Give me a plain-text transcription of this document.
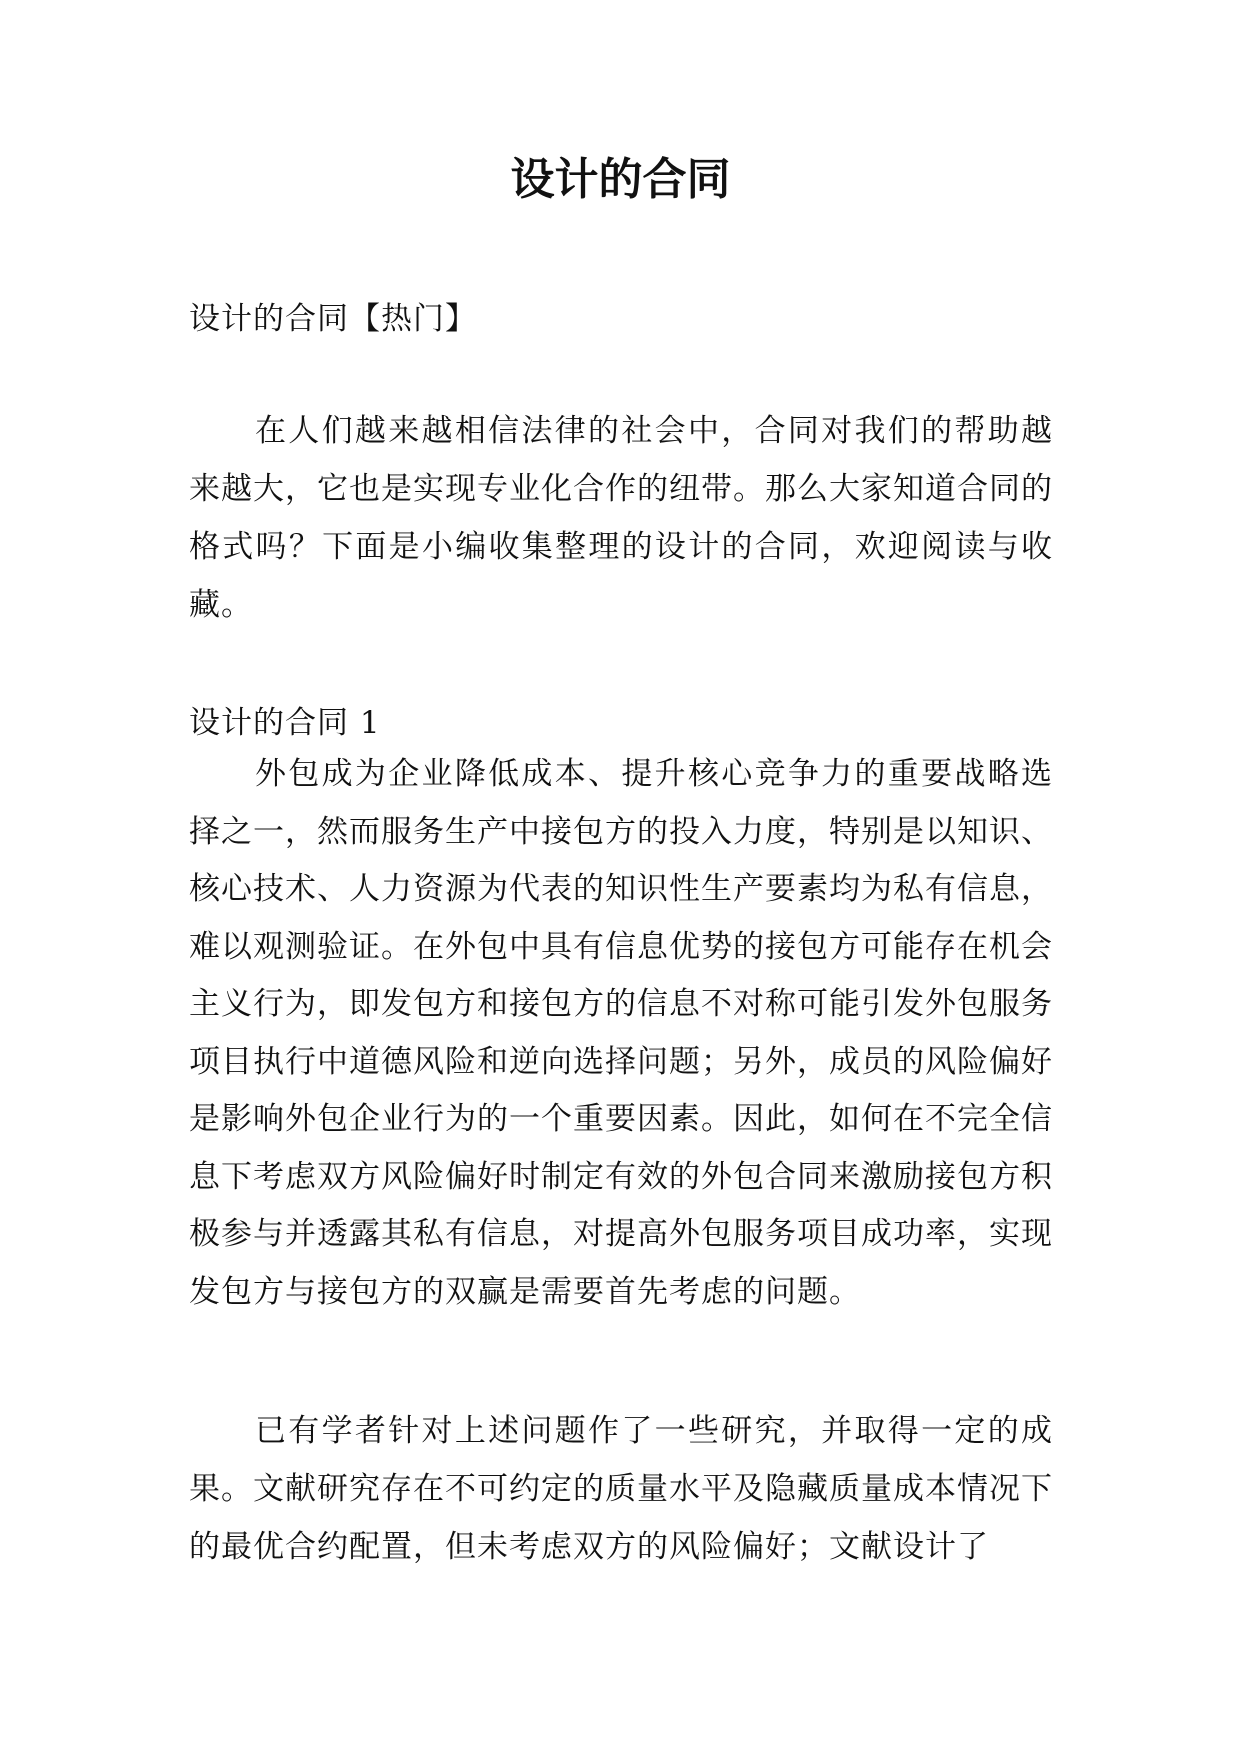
设计的合同

设计的合同【热门】

在人们越来越相信法律的社会中，合同对我们的帮助越来越大，它也是实现专业化合作的纽带。那么大家知道合同的格式吗？下面是小编收集整理的设计的合同，欢迎阅读与收藏。

设计的合同 1

外包成为企业降低成本、提升核心竞争力的重要战略选择之一，然而服务生产中接包方的投入力度，特别是以知识、核心技术、人力资源为代表的知识性生产要素均为私有信息，难以观测验证。在外包中具有信息优势的接包方可能存在机会主义行为，即发包方和接包方的信息不对称可能引发外包服务项目执行中道德风险和逆向选择问题；另外，成员的风险偏好是影响外包企业行为的一个重要因素。因此，如何在不完全信息下考虑双方风险偏好时制定有效的外包合同来激励接包方积极参与并透露其私有信息，对提高外包服务项目成功率，实现发包方与接包方的双赢是需要首先考虑的问题。

已有学者针对上述问题作了一些研究，并取得一定的成果。文献研究存在不可约定的质量水平及隐藏质量成本情况下的最优合约配置，但未考虑双方的风险偏好；文献设计了
